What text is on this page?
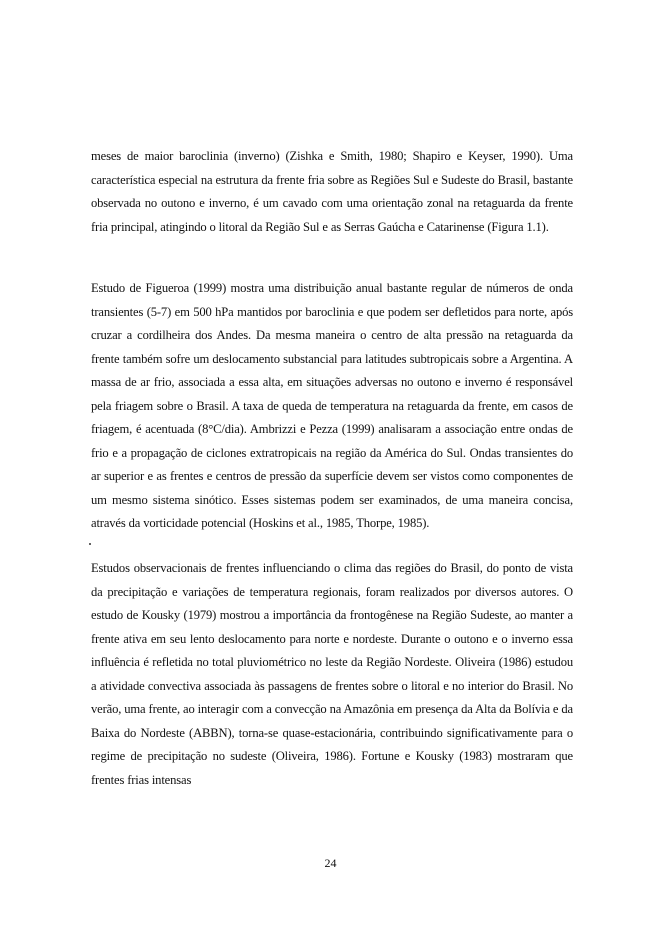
meses de maior baroclinia (inverno) (Zishka e Smith, 1980; Shapiro e Keyser, 1990). Uma característica especial na estrutura da frente fria sobre as Regiões Sul e Sudeste do Brasil, bastante observada no outono e inverno, é um cavado com uma orientação zonal na retaguarda da frente fria principal, atingindo o litoral da Região Sul e as Serras Gaúcha e Catarinense (Figura 1.1).

Estudo de Figueroa (1999) mostra uma distribuição anual bastante regular de números de onda transientes (5-7) em 500 hPa mantidos por baroclinia e que podem ser defletidos para norte, após cruzar a cordilheira dos Andes. Da mesma maneira o centro de alta pressão na retaguarda da frente também sofre um deslocamento substancial para latitudes subtropicais sobre a Argentina. A massa de ar frio, associada a essa alta, em situações adversas no outono e inverno é responsável pela friagem sobre o Brasil. A taxa de queda de temperatura na retaguarda da frente, em casos de friagem, é acentuada (8°C/dia). Ambrizzi e Pezza (1999) analisaram a associação entre ondas de frio e a propagação de ciclones extratropicais na região da América do Sul. Ondas transientes do ar superior e as frentes e centros de pressão da superfície devem ser vistos como componentes de um mesmo sistema sinótico. Esses sistemas podem ser examinados, de uma maneira concisa, através da vorticidade potencial (Hoskins et al., 1985, Thorpe, 1985).

Estudos observacionais de frentes influenciando o clima das regiões do Brasil, do ponto de vista da precipitação e variações de temperatura regionais, foram realizados por diversos autores. O estudo de Kousky (1979) mostrou a importância da frontogênese na Região Sudeste, ao manter a frente ativa em seu lento deslocamento para norte e nordeste. Durante o outono e o inverno essa influência é refletida no total pluviométrico no leste da Região Nordeste. Oliveira (1986) estudou a atividade convectiva associada às passagens de frentes sobre o litoral e no interior do Brasil. No verão, uma frente, ao interagir com a convecção na Amazônia em presença da Alta da Bolívia e da Baixa do Nordeste (ABBN), torna-se quase-estacionária, contribuindo significativamente para o regime de precipitação no sudeste (Oliveira, 1986). Fortune e Kousky (1983) mostraram que frentes frias intensas

24
